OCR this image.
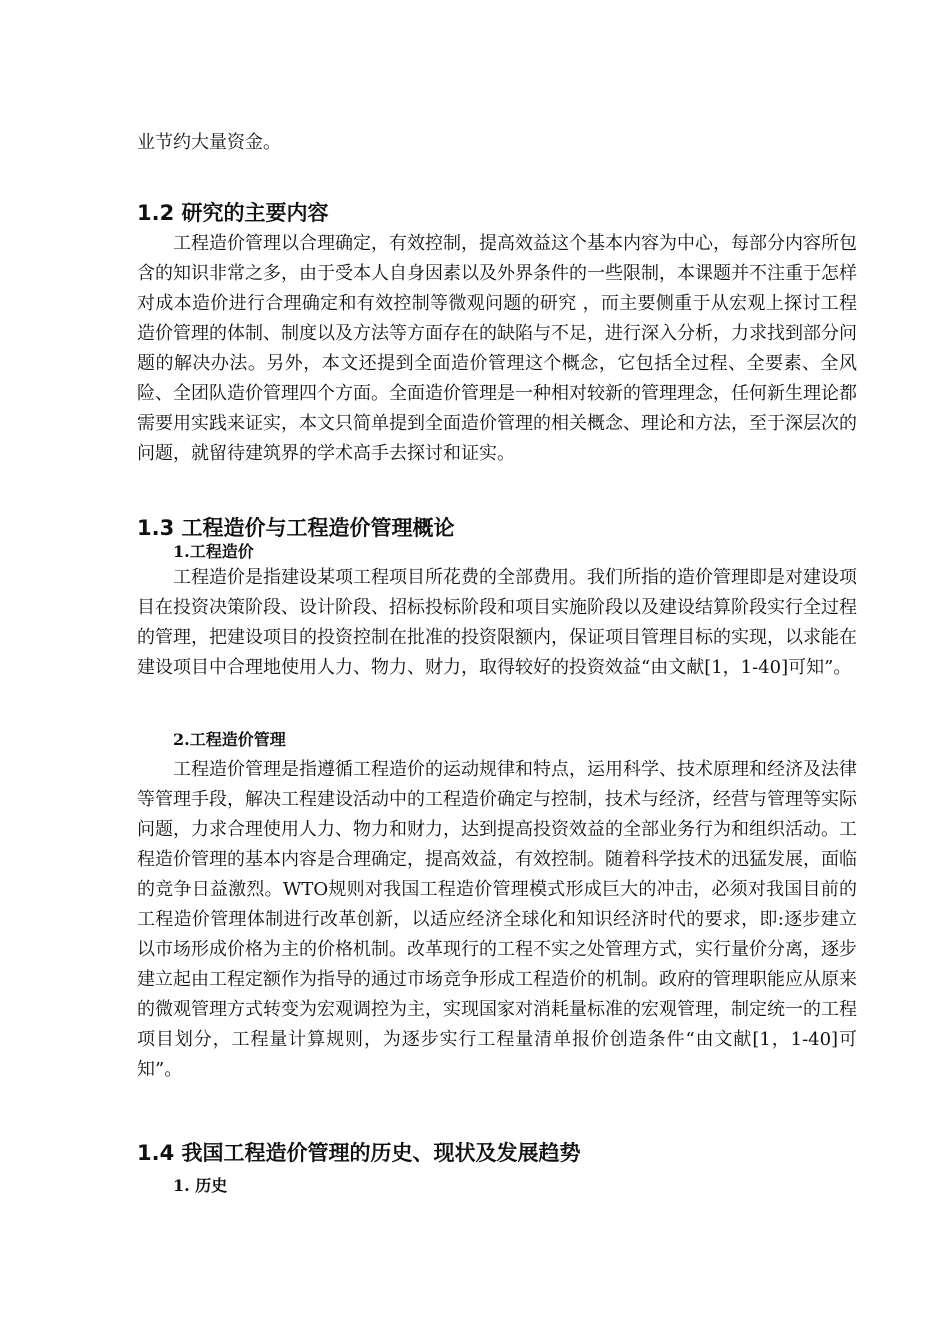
业节约大量资金。

1.2 研究的主要内容

工程造价管理以合理确定，有效控制，提高效益这个基本内容为中心，每部分内容所包含的知识非常之多，由于受本人自身因素以及外界条件的一些限制，本课题并不注重于怎样对成本造价进行合理确定和有效控制等微观问题的研究 ，而主要侧重于从宏观上探讨工程造价管理的体制、制度以及方法等方面存在的缺陷与不足，进行深入分析，力求找到部分问题的解决办法。另外，本文还提到全面造价管理这个概念，它包括全过程、全要素、全风险、全团队造价管理四个方面。全面造价管理是一种相对较新的管理理念，任何新生理论都需要用实践来证实，本文只简单提到全面造价管理的相关概念、理论和方法，至于深层次的问题，就留待建筑界的学术高手去探讨和证实。

1.3 工程造价与工程造价管理概论
1.工程造价

工程造价是指建设某项工程项目所花费的全部费用。我们所指的造价管理即是对建设项目在投资决策阶段、设计阶段、招标投标阶段和项目实施阶段以及建设结算阶段实行全过程的管理，把建设项目的投资控制在批准的投资限额内，保证项目管理目标的实现，以求能在建设项目中合理地使用人力、物力、财力，取得较好的投资效益“由文献[1，1-40]可知”。

2.工程造价管理

工程造价管理是指遵循工程造价的运动规律和特点，运用科学、技术原理和经济及法律等管理手段，解决工程建设活动中的工程造价确定与控制，技术与经济，经营与管理等实际问题，力求合理使用人力、物力和财力，达到提高投资效益的全部业务行为和组织活动。工程造价管理的基本内容是合理确定，提高效益，有效控制。随着科学技术的迅猛发展，面临的竞争日益激烈。WTO规则对我国工程造价管理模式形成巨大的冲击，必须对我国目前的工程造价管理体制进行改革创新，以适应经济全球化和知识经济时代的要求，即:逐步建立以市场形成价格为主的价格机制。改革现行的工程不实之处管理方式，实行量价分离，逐步建立起由工程定额作为指导的通过市场竞争形成工程造价的机制。政府的管理职能应从原来的微观管理方式转变为宏观调控为主，实现国家对消耗量标准的宏观管理，制定统一的工程项目划分，工程量计算规则，为逐步实行工程量清单报价创造条件“由文献[1，1-40]可知”。

1.4 我国工程造价管理的历史、现状及发展趋势
1. 历史
